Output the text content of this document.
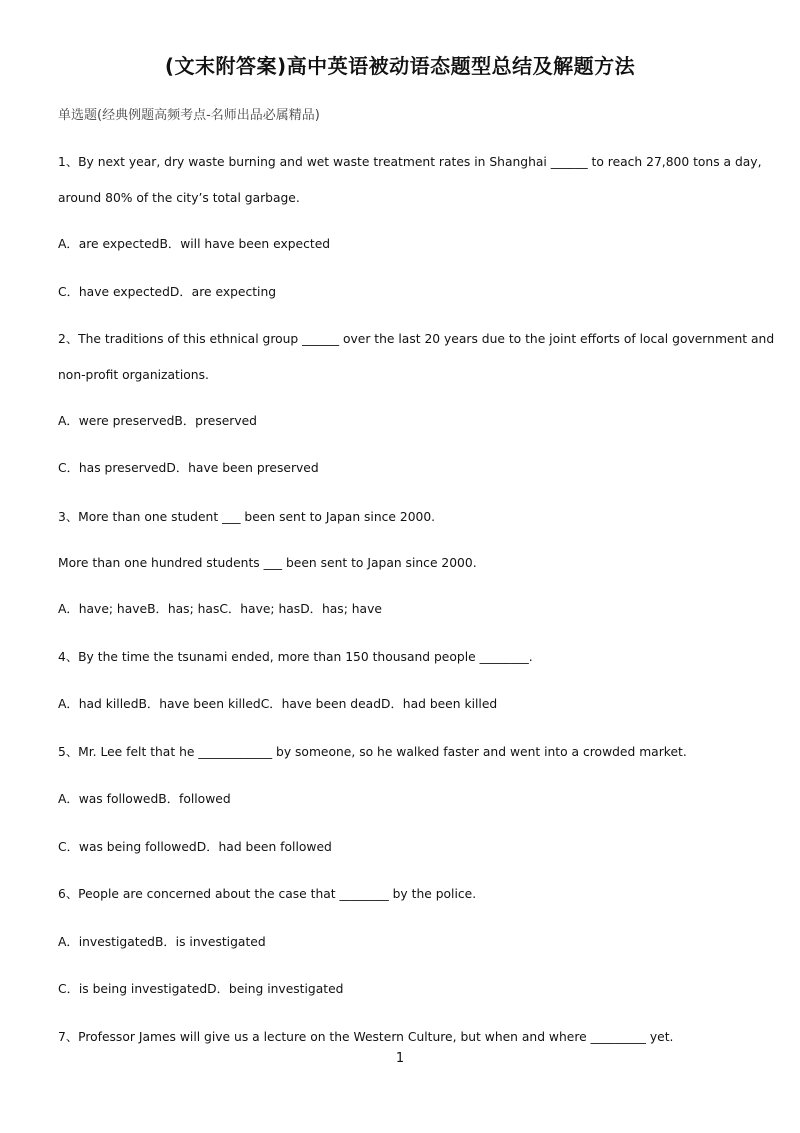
(文末附答案)高中英语被动语态题型总结及解题方法
单选题(经典例题高频考点-名师出品必属精品)
1、By next year, dry waste burning and wet waste treatment rates in Shanghai ______ to reach 27,800 tons a day,
around 80% of the city’s total garbage.
A．are expectedB．will have been expected
C．have expectedD．are expecting
2、The traditions of this ethnical group ______ over the last 20 years due to the joint efforts of local government and
non-profit organizations.
A．were preservedB．preserved
C．has preservedD．have been preserved
3、More than one student ___ been sent to Japan since 2000.
More than one hundred students ___ been sent to Japan since 2000.
A．have; haveB．has; hasC．have; hasD．has; have
4、By the time the tsunami ended, more than 150 thousand people ________.
A．had killedB．have been killedC．have been deadD．had been killed
5、Mr. Lee felt that he ____________ by someone, so he walked faster and went into a crowded market.
A．was followedB．followed
C．was being followedD．had been followed
6、People are concerned about the case that ________ by the police.
A．investigatedB．is investigated
C．is being investigatedD．being investigated
7、Professor James will give us a lecture on the Western Culture, but when and where _________ yet.
1
